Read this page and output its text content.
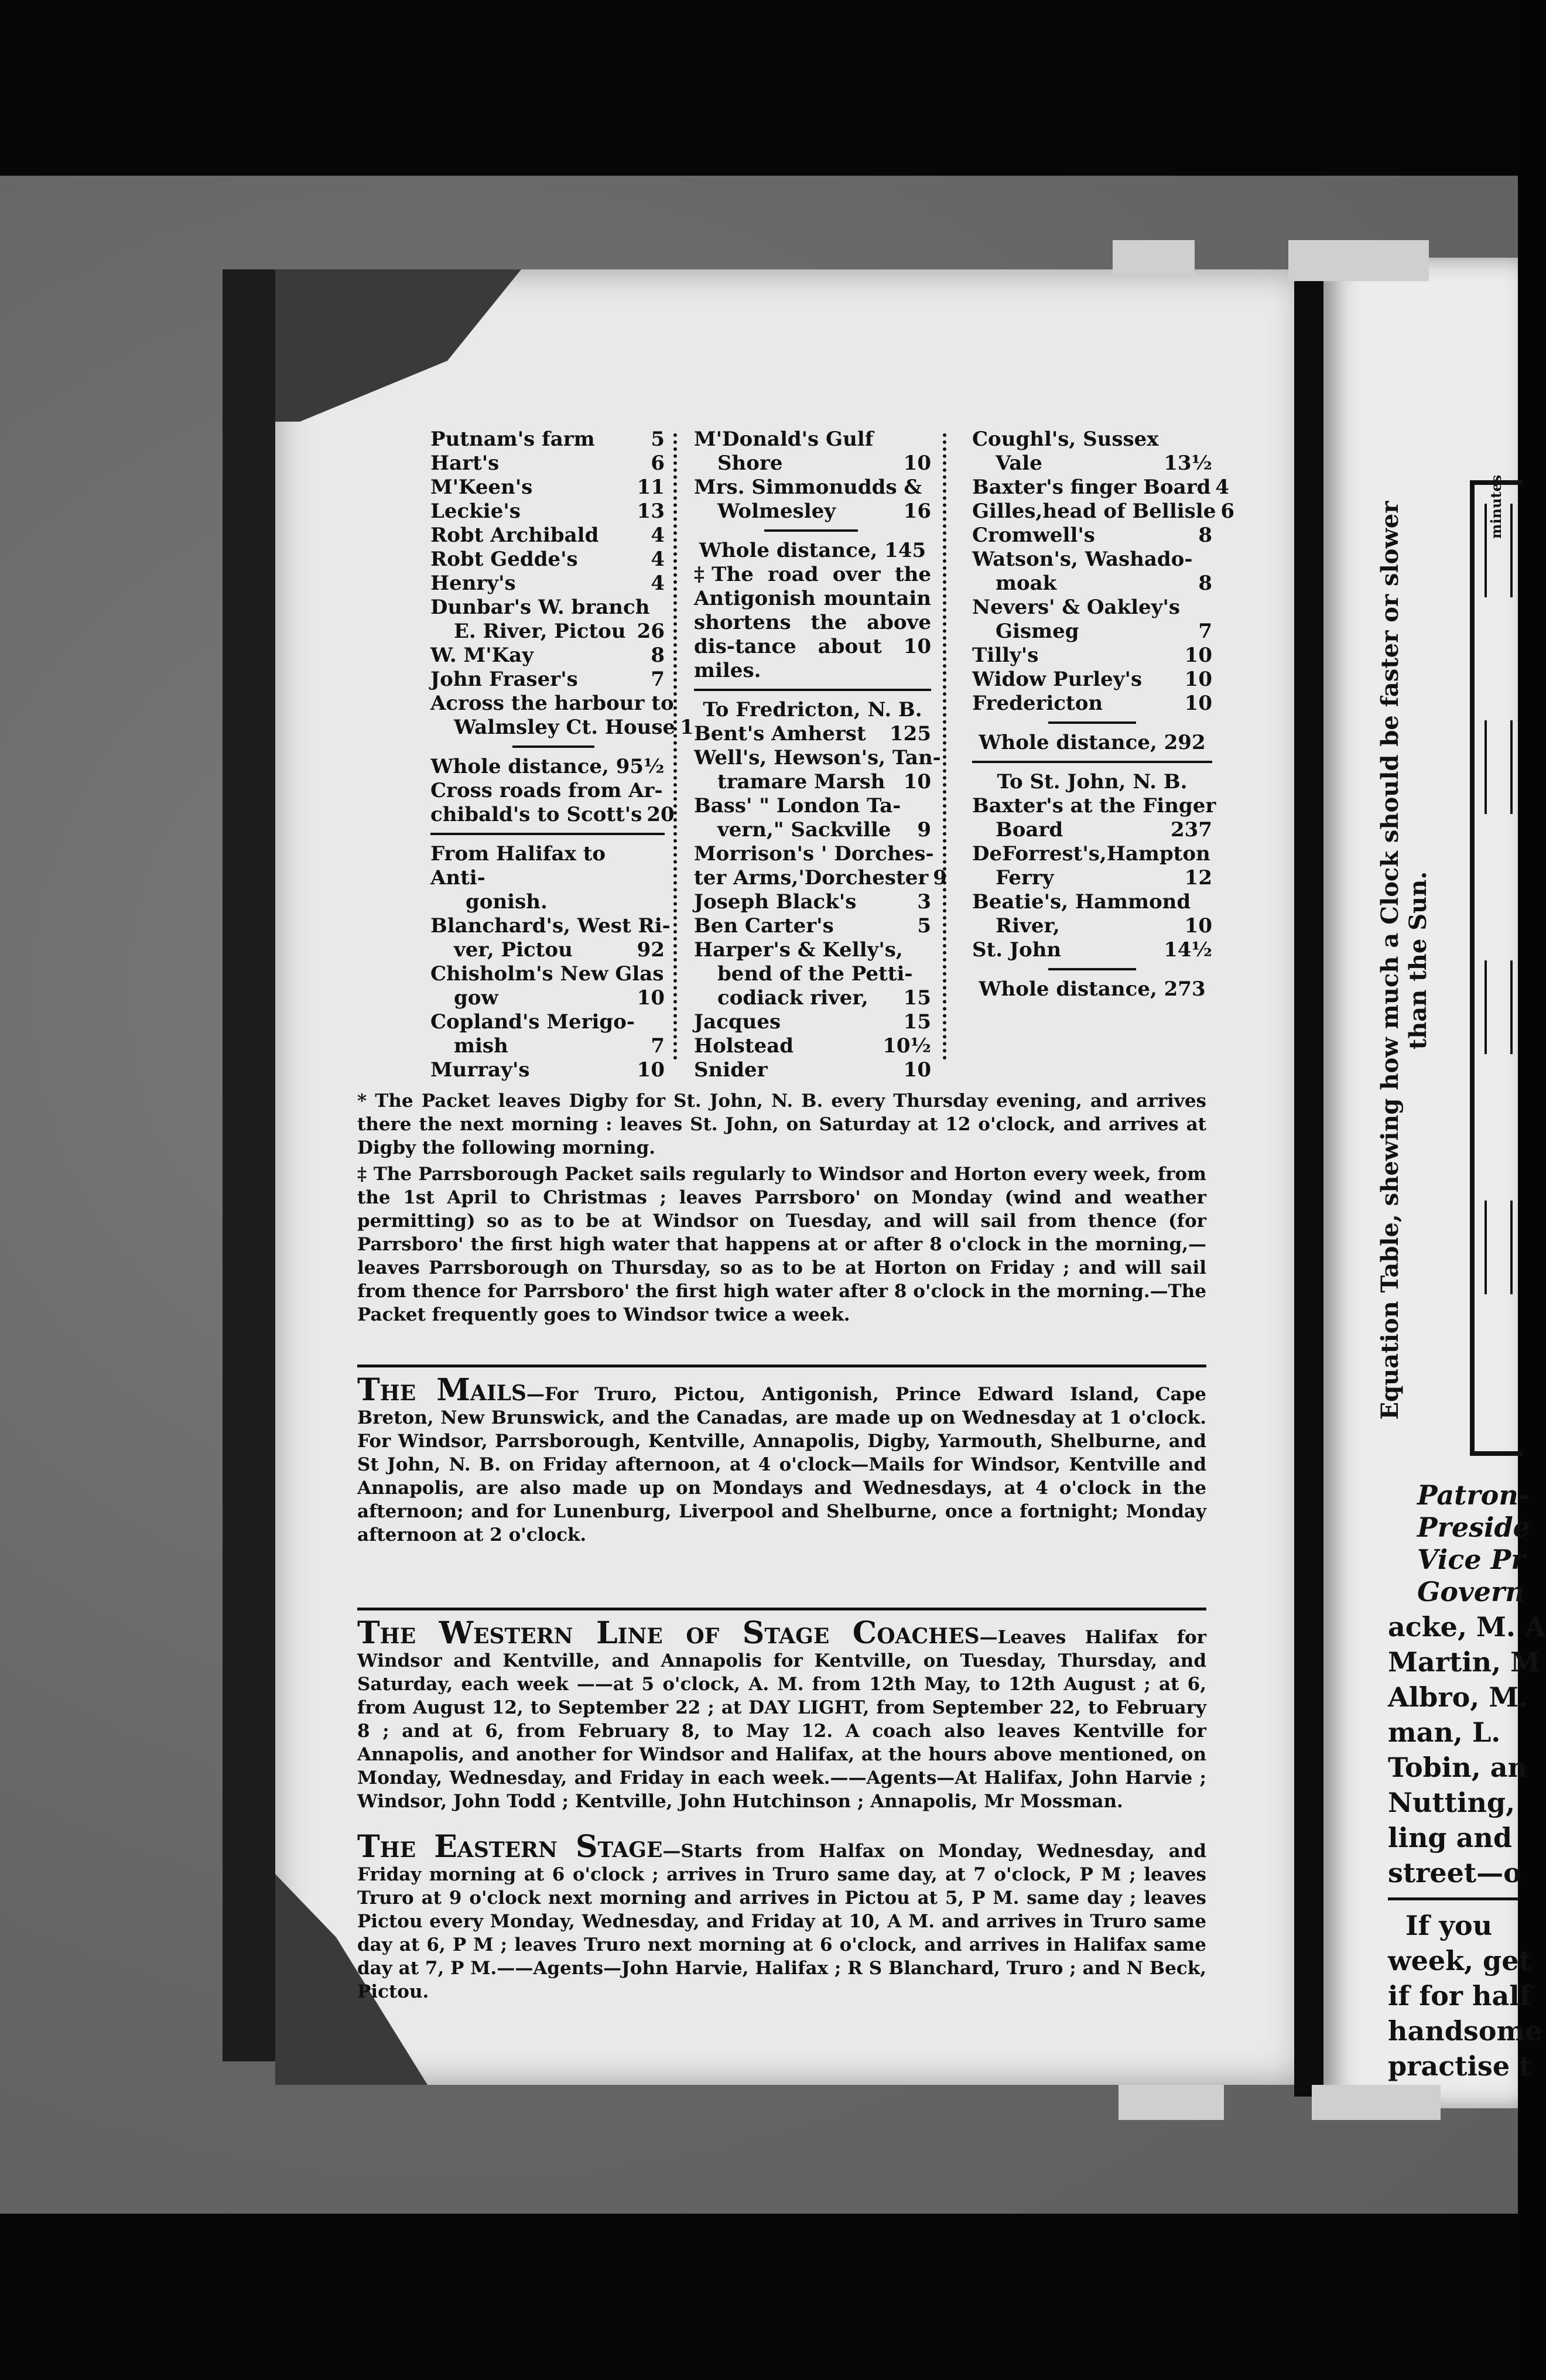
Putnam's farm	5
Hart's	6
M'Keen's	11
Leckie's	13
Robt Archibald	4
Robt Gedde's	4
Henry's	4
Dunbar's W. branch
E. River, Pictou 26
W. M'Kay	8
John Fraser's	7
Across the harbour to
Walmsley Ct. House 1
Whole distance, 95½
Cross roads from Ar-
chibald's to Scott's 20
From Halifax to Anti-
gonish.
Blanchard's, West Ri-
ver, Pictou	92
Chisholm's New Glas
gow	10
Copland's Merigo-
mish	7
Murray's	10
M'Donald's Gulf
Shore	10
Mrs. Simmonudds &
Wolmesley	16
Whole distance, 145
‡The road over the Antigonish mountain shortens the above dis-tance about 10 miles.
To Fredricton, N. B.
Bent's Amherst 125
Well's, Hewson's, Tan-
tramare Marsh 10
Bass' " London Ta-
vern," Sackville 9
Morrison's ' Dorches-
ter Arms,'Dorchester 9
Joseph Black's	3
Ben Carter's	5
Harper's & Kelly's,
bend of the Petti-
codiack river, 15
Jacques	15
Holstead	10½
Snider	10
Coughl's, Sussex
Vale	13½
Baxter's finger Board 4
Gilles,head of Bellisle 6
Cromwell's	8
Watson's, Washado-
moak	8
Nevers' & Oakley's
Gismeg	7
Tilly's	10
Widow Purley's 10
Fredericton	10
Whole distance, 292
To St. John, N. B.
Baxter's at the Finger
Board	237
DeForrest's,Hampton
Ferry	12
Beatie's, Hammond
River,	10
St. John	14½
Whole distance, 273
* The Packet leaves Digby for St. John, N. B. every Thursday evening, and arrives there the next morning : leaves St. John, on Saturday at 12 o'clock, and arrives at Digby the following morning.
‡ The Parrsborough Packet sails regularly to Windsor and Horton every week, from the 1st April to Christmas ; leaves Parrsboro' on Monday (wind and weather permitting) so as to be at Windsor on Tuesday, and will sail from thence (for Parrsboro' the first high water that happens at or after 8 o'clock in the morning,—leaves Parrsborough on Thursday, so as to be at Horton on Friday ; and will sail from thence for Parrsboro' the first high water after 8 o'clock in the morning.—The Packet frequently goes to Windsor twice a week.
The Mails—For Truro, Pictou, Antigonish, Prince Edward Island, Cape Breton, New Brunswick, and the Canadas, are made up on Wednesday at 1 o'clock. For Windsor, Parrsborough, Kentville, Annapolis, Digby, Yarmouth, Shelburne, and St John, N. B. on Friday afternoon, at 4 o'clock—Mails for Windsor, Kentville and Annapolis, are also made up on Mondays and Wednesdays, at 4 o'clock in the afternoon; and for Lunenburg, Liverpool and Shelburne, once a fortnight; Monday afternoon at 2 o'clock.
The Western Line of Stage Coaches—Leaves Halifax for Windsor and Kentville, and Annapolis for Kentville, on Tuesday, Thursday, and Saturday, each week ——at 5 o'clock, A. M. from 12th May, to 12th August ; at 6, from August 12, to September 22 ; at DAY LIGHT, from September 22, to February 8 ; and at 6, from February 8, to May 12. A coach also leaves Kentville for Annapolis, and another for Windsor and Halifax, at the hours above mentioned, on Monday, Wednesday, and Friday in each week.——Agents—At Halifax, John Harvie ; Windsor, John Todd ; Kentville, John Hutchinson ; Annapolis, Mr Mossman.
The Eastern Stage—Starts from Halfax on Monday, Wednesday, and Friday morning at 6 o'clock ; arrives in Truro same day, at 7 o'clock, P M ; leaves Truro at 9 o'clock next morning and arrives in Pictou at 5, P M. same day ; leaves Pictou every Monday, Wednesday, and Friday at 10, A M. and arrives in Truro same day at 6, P M ; leaves Truro next morning at 6 o'clock, and arrives in Halifax same day at 7, P M.——Agents—John Harvie, Halifax ; R S Blanchard, Truro ; and N Beck, Pictou.
Equation Table, shewing how much a Clock should be faster or slower than the Sun.
minutes
Patron-
Preside
Vice Pr
Govern
acke, M. A
Martin, M
Albro, M.
man, L.
Tobin, an
Nutting,
ling and
street—o
If you
week, get
if for half
handsome
practise t
